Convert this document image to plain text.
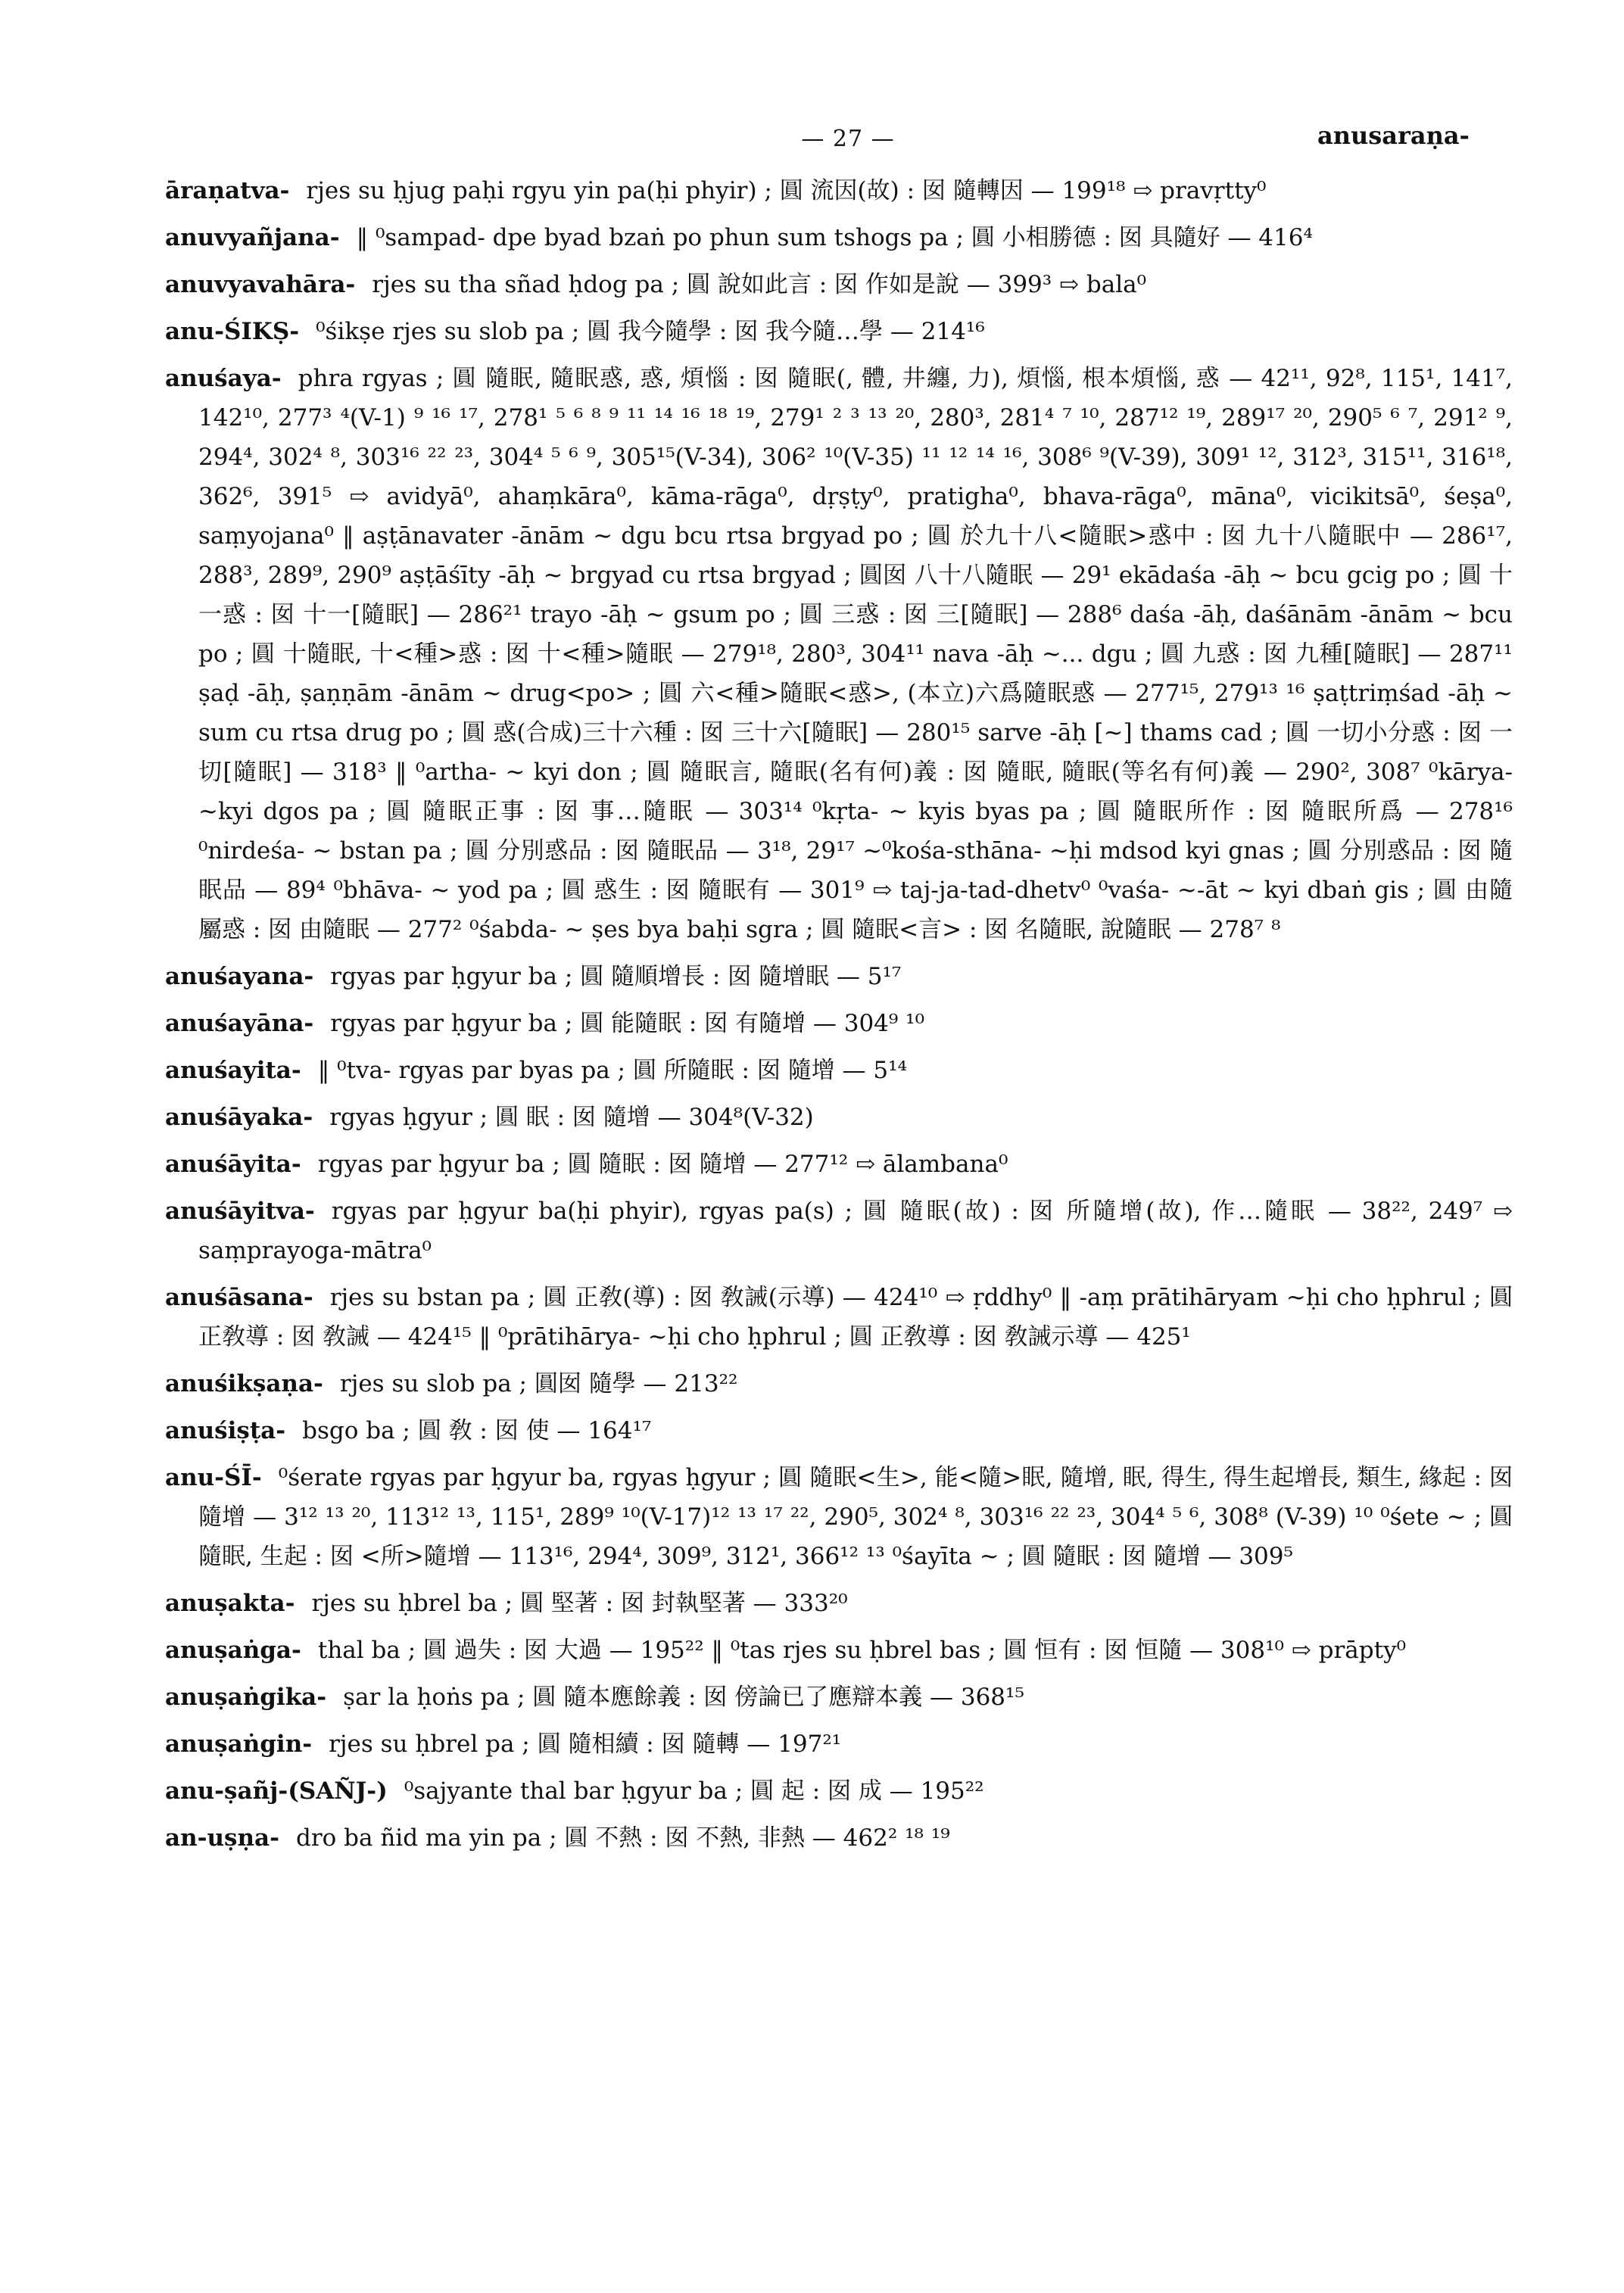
— 27 —	anusaraṇa-

āraṇatva- rjes su ḥjug paḥi rgyu yin pa(ḥi phyir) ; 圓 流因(故) : 囡 隨轉因 — 199¹⁸ ⇨ pravṛtty⁰

anuvyañjana- ‖ ⁰sampad- dpe byad bzaṅ po phun sum tshogs pa ; 圓 小相勝德 : 囡 具隨好 — 416⁴

anuvyavahāra- rjes su tha sñad ḥdog pa ; 圓 說如此言 : 囡 作如是說 — 399³ ⇨ bala⁰

anu-ŚIKṢ- ⁰śikṣe rjes su slob pa ; 圓 我今隨學 : 囡 我今隨…學 — 214¹⁶

anuśaya- phra rgyas ; 圓 隨眠, 隨眠惑, 惑, 煩惱 : 囡 隨眠(, 體, 井纏, 力), 煩惱, 根本煩惱, 惑 — 42¹¹, 92⁸, 115¹, 141⁷, 142¹⁰, 277³ ⁴(V-1) ⁹ ¹⁶ ¹⁷, 278¹ ⁵ ⁶ ⁸ ⁹ ¹¹ ¹⁴ ¹⁶ ¹⁸ ¹⁹, 279¹ ² ³ ¹³ ²⁰, 280³, 281⁴ ⁷ ¹⁰, 287¹² ¹⁹, 289¹⁷ ²⁰, 290⁵ ⁶ ⁷, 291² ⁹, 294⁴, 302⁴ ⁸, 303¹⁶ ²² ²³, 304⁴ ⁵ ⁶ ⁹, 305¹⁵(V-34), 306² ¹⁰(V-35) ¹¹ ¹² ¹⁴ ¹⁶, 308⁶ ⁹(V-39), 309¹ ¹², 312³, 315¹¹, 316¹⁸, 362⁶, 391⁵ ⇨ avidyā⁰, ahaṃkāra⁰, kāma-rāga⁰, dṛṣṭy⁰, pratigha⁰, bhava-rāga⁰, māna⁰, vicikitsā⁰, śeṣa⁰, saṃyojana⁰ ‖ aṣṭānavater -ānām ~ dgu bcu rtsa brgyad po ; 圓 於九十八<隨眠>惑中 : 囡 九十八隨眠中 — 286¹⁷, 288³, 289⁹, 290⁹ aṣṭāśīty -āḥ ~ brgyad cu rtsa brgyad ; 圓囡 八十八隨眠 — 29¹ ekādaśa -āḥ ~ bcu gcig po ; 圓 十一惑 : 囡 十一[隨眠] — 286²¹ trayo -āḥ ~ gsum po ; 圓 三惑 : 囡 三[隨眠] — 288⁶ daśa -āḥ, daśānām -ānām ~ bcu po ; 圓 十隨眠, 十<種>惑 : 囡 十<種>隨眠 — 279¹⁸, 280³, 304¹¹ nava -āḥ ~... dgu ; 圓 九惑 : 囡 九種[隨眠] — 287¹¹ ṣaḍ -āḥ, ṣaṇṇām -ānām ~ drug<po> ; 圓 六<種>隨眠<惑>, (本立)六爲隨眠惑 — 277¹⁵, 279¹³ ¹⁶ ṣaṭtriṃśad -āḥ ~ sum cu rtsa drug po ; 圓 惑(合成)三十六種 : 囡 三十六[隨眠] — 280¹⁵ sarve -āḥ [~] thams cad ; 圓 一切小分惑 : 囡 一切[隨眠] — 318³ ‖ ⁰artha- ~ kyi don ; 圓 隨眠言, 隨眠(名有何)義 : 囡 隨眠, 隨眠(等名有何)義 — 290², 308⁷ ⁰kārya- ~kyi dgos pa ; 圓 隨眠正事 : 囡 事…隨眠 — 303¹⁴ ⁰kṛta- ~ kyis byas pa ; 圓 隨眠所作 : 囡 隨眠所爲 — 278¹⁶ ⁰nirdeśa- ~ bstan pa ; 圓 分別惑品 : 囡 隨眠品 — 3¹⁸, 29¹⁷ ~⁰kośa-sthāna- ~ḥi mdsod kyi gnas ; 圓 分別惑品 : 囡 隨眠品 — 89⁴ ⁰bhāva- ~ yod pa ; 圓 惑生 : 囡 隨眠有 — 301⁹ ⇨ taj-ja-tad-dhetv⁰ ⁰vaśa- ~-āt ~ kyi dbaṅ gis ; 圓 由隨屬惑 : 囡 由隨眠 — 277² ⁰śabda- ~ ṣes bya baḥi sgra ; 圓 隨眠<言> : 囡 名隨眠, 說隨眠 — 278⁷ ⁸

anuśayana- rgyas par ḥgyur ba ; 圓 隨順增長 : 囡 隨增眠 — 5¹⁷

anuśayāna- rgyas par ḥgyur ba ; 圓 能隨眠 : 囡 有隨增 — 304⁹ ¹⁰

anuśayita- ‖ ⁰tva- rgyas par byas pa ; 圓 所隨眠 : 囡 隨增 — 5¹⁴

anuśāyaka- rgyas ḥgyur ; 圓 眠 : 囡 隨增 — 304⁸(V-32)

anuśāyita- rgyas par ḥgyur ba ; 圓 隨眠 : 囡 隨增 — 277¹² ⇨ ālambana⁰

anuśāyitva- rgyas par ḥgyur ba(ḥi phyir), rgyas pa(s) ; 圓 隨眠(故) : 囡 所隨增(故), 作…隨眠 — 38²², 249⁷ ⇨ saṃprayoga-mātra⁰

anuśāsana- rjes su bstan pa ; 圓 正敎(導) : 囡 敎誡(示導) — 424¹⁰ ⇨ ṛddhy⁰ ‖ -aṃ prātihāryam ~ḥi cho ḥphrul ; 圓 正敎導 : 囡 敎誡 — 424¹⁵ ‖ ⁰prātihārya- ~ḥi cho ḥphrul ; 圓 正敎導 : 囡 敎誡示導 — 425¹

anuśikṣaṇa- rjes su slob pa ; 圓囡 隨學 — 213²²

anuśiṣṭa- bsgo ba ; 圓 敎 : 囡 使 — 164¹⁷

anu-ŚĪ- ⁰śerate rgyas par ḥgyur ba, rgyas ḥgyur ; 圓 隨眠<生>, 能<隨>眠, 隨增, 眠, 得生, 得生起增長, 類生, 緣起 : 囡 隨增 — 3¹² ¹³ ²⁰, 113¹² ¹³, 115¹, 289⁹ ¹⁰(V-17)¹² ¹³ ¹⁷ ²², 290⁵, 302⁴ ⁸, 303¹⁶ ²² ²³, 304⁴ ⁵ ⁶, 308⁸ (V-39) ¹⁰ ⁰śete ~ ; 圓 隨眠, 生起 : 囡 <所>隨增 — 113¹⁶, 294⁴, 309⁹, 312¹, 366¹² ¹³ ⁰śayīta ~ ; 圓 隨眠 : 囡 隨增 — 309⁵

anuṣakta- rjes su ḥbrel ba ; 圓 堅著 : 囡 封執堅著 — 333²⁰

anuṣaṅga- thal ba ; 圓 過失 : 囡 大過 — 195²² ‖ ⁰tas rjes su ḥbrel bas ; 圓 恒有 : 囡 恒隨 — 308¹⁰ ⇨ prāpty⁰

anuṣaṅgika- ṣar la ḥoṅs pa ; 圓 隨本應餘義 : 囡 傍論已了應辯本義 — 368¹⁵

anuṣaṅgin- rjes su ḥbrel pa ; 圓 隨相續 : 囡 隨轉 — 197²¹

anu-ṣañj-(SAÑJ-) ⁰sajyante thal bar ḥgyur ba ; 圓 起 : 囡 成 — 195²²

an-uṣṇa- dro ba ñid ma yin pa ; 圓 不熱 : 囡 不熱, 非熱 — 462² ¹⁸ ¹⁹
